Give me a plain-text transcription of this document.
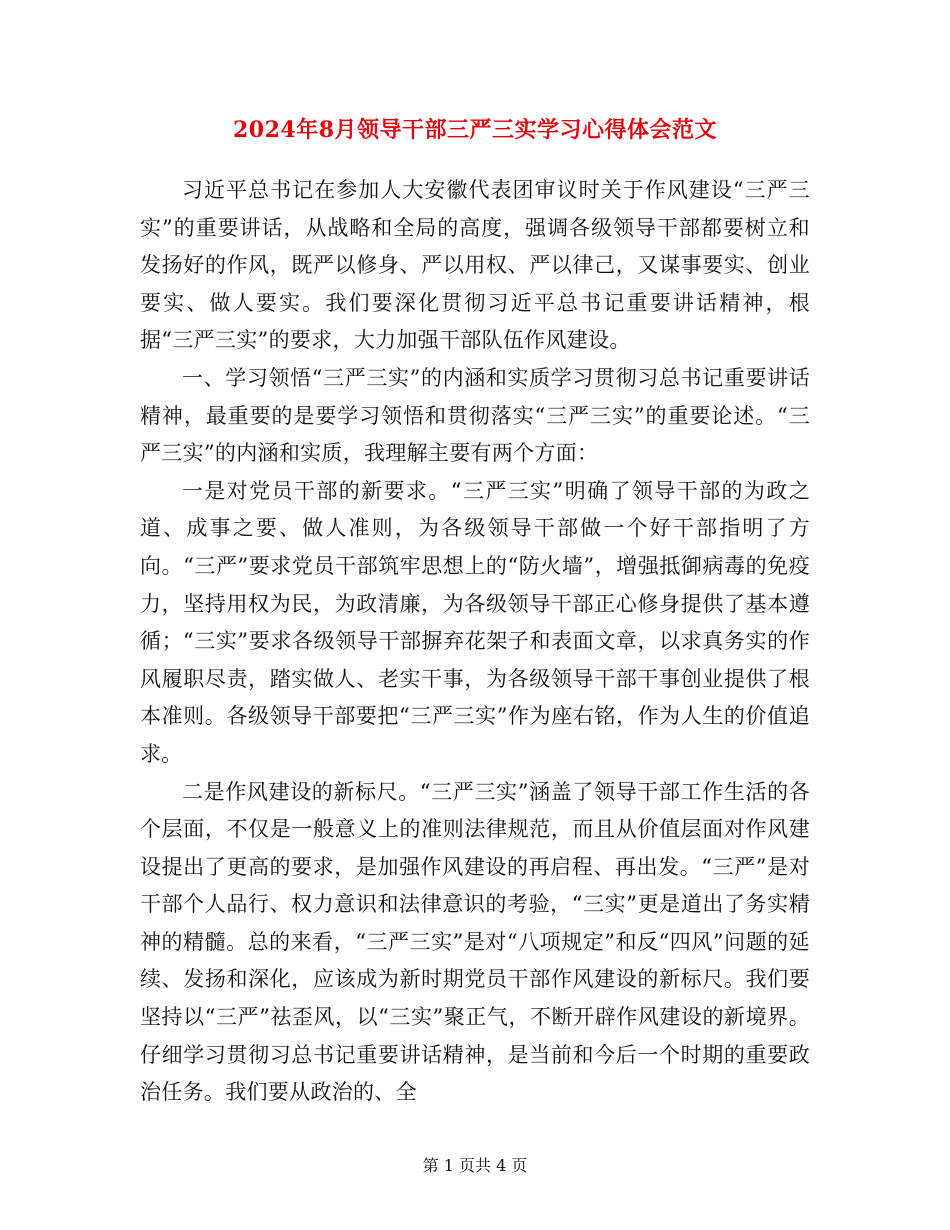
2024年8月领导干部三严三实学习心得体会范文

习近平总书记在参加人大安徽代表团审议时关于作风建设“三严三实”的重要讲话，从战略和全局的高度，强调各级领导干部都要树立和发扬好的作风，既严以修身、严以用权、严以律己，又谋事要实、创业要实、做人要实。我们要深化贯彻习近平总书记重要讲话精神，根据“三严三实”的要求，大力加强干部队伍作风建设。

一、学习领悟“三严三实”的内涵和实质学习贯彻习总书记重要讲话精神，最重要的是要学习领悟和贯彻落实“三严三实”的重要论述。“三严三实”的内涵和实质，我理解主要有两个方面：

一是对党员干部的新要求。“三严三实”明确了领导干部的为政之道、成事之要、做人准则，为各级领导干部做一个好干部指明了方向。“三严”要求党员干部筑牢思想上的“防火墙”，增强抵御病毒的免疫力，坚持用权为民，为政清廉，为各级领导干部正心修身提供了基本遵循；“三实”要求各级领导干部摒弃花架子和表面文章，以求真务实的作风履职尽责，踏实做人、老实干事，为各级领导干部干事创业提供了根本准则。各级领导干部要把“三严三实”作为座右铭，作为人生的价值追求。

二是作风建设的新标尺。“三严三实”涵盖了领导干部工作生活的各个层面，不仅是一般意义上的准则法律规范，而且从价值层面对作风建设提出了更高的要求，是加强作风建设的再启程、再出发。“三严”是对干部个人品行、权力意识和法律意识的考验，“三实”更是道出了务实精神的精髓。总的来看，“三严三实”是对“八项规定”和反“四风”问题的延续、发扬和深化，应该成为新时期党员干部作风建设的新标尺。我们要坚持以“三严”祛歪风，以“三实”聚正气，不断开辟作风建设的新境界。仔细学习贯彻习总书记重要讲话精神，是当前和今后一个时期的重要政治任务。我们要从政治的、全

第 1 页共 4 页
